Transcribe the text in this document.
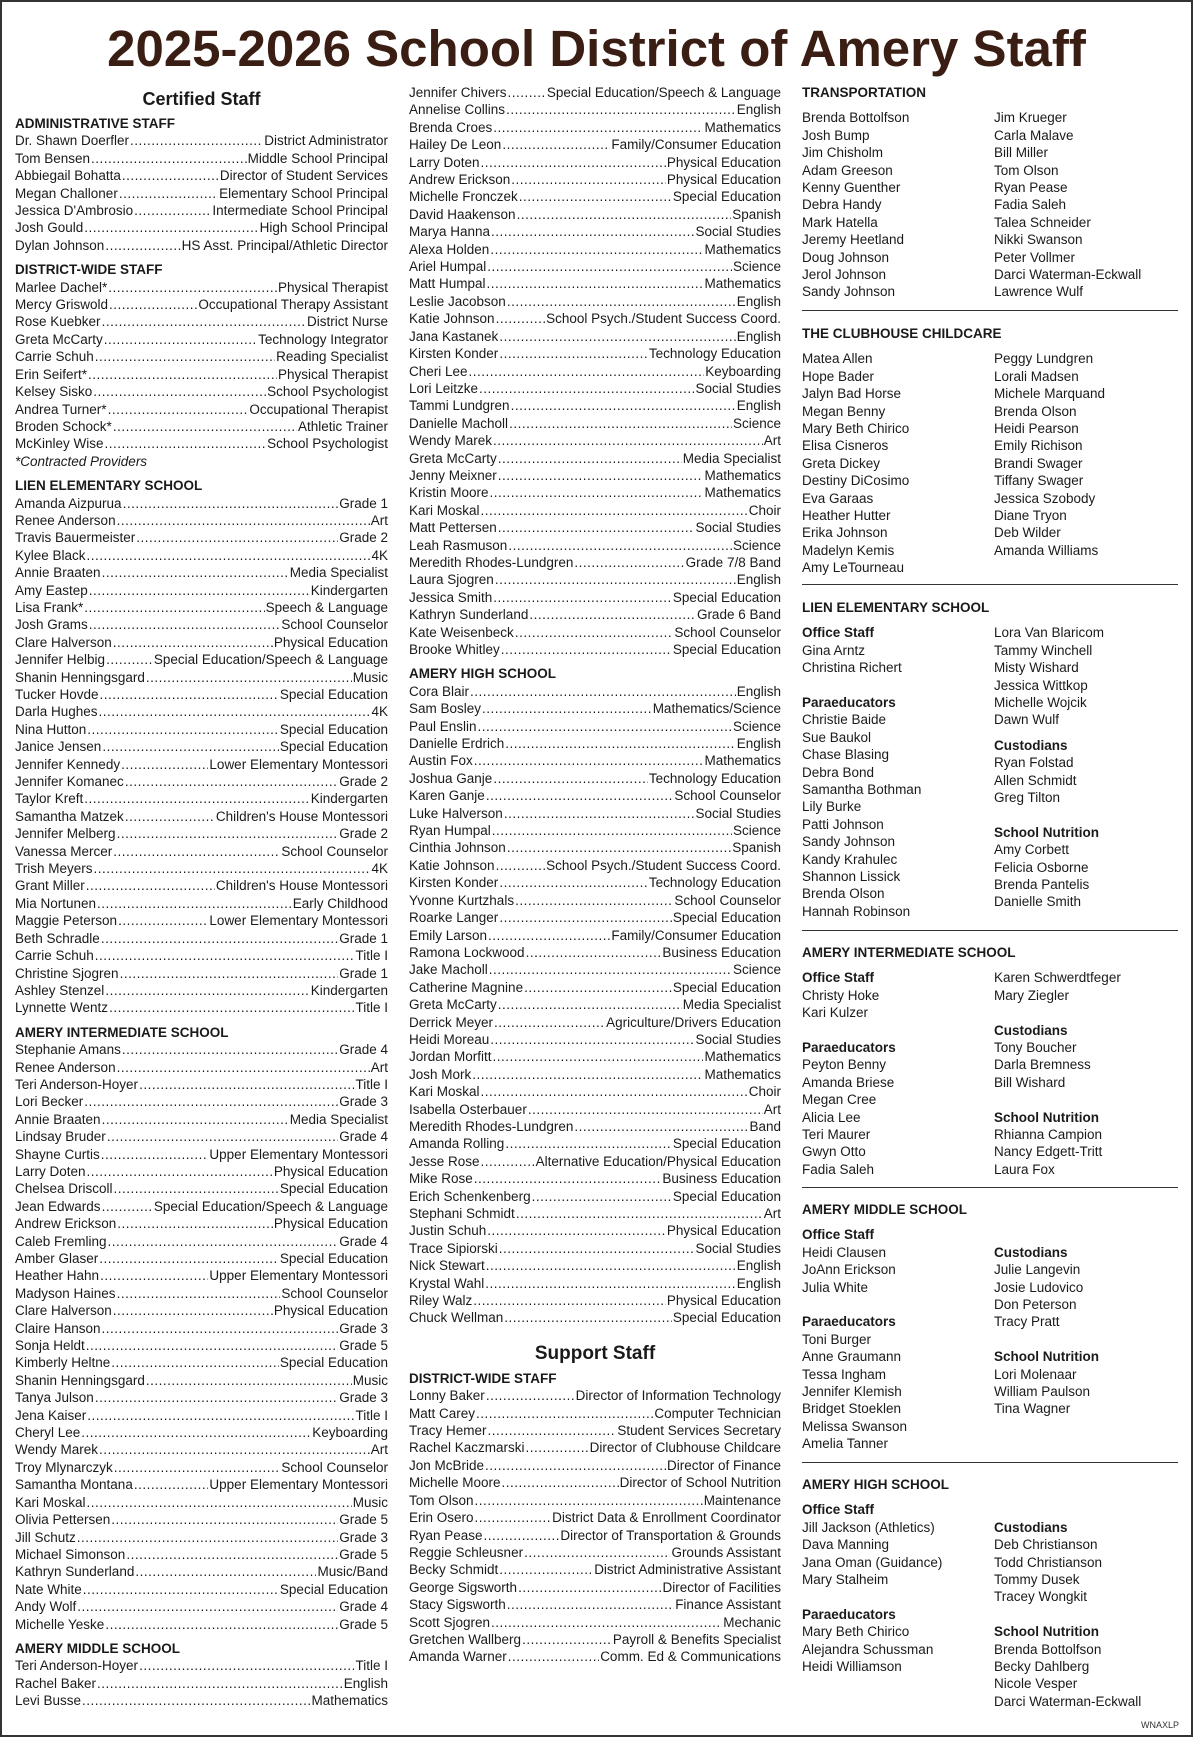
2025-2026 School District of Amery Staff
Certified Staff
ADMINISTRATIVE STAFF
Dr. Shawn Doerfler .....	District Administrator
Tom Bensen .....	Middle School Principal
Abbiegail Bohatta .....	Director of Student Services
Megan Challoner .....	Elementary School Principal
Jessica D'Ambrosio .....	Intermediate School Principal
Josh Gould .....	High School Principal
Dylan Johnson .....	HS Asst. Principal/Athletic Director
DISTRICT-WIDE STAFF
Marlee Dachel* .....	Physical Therapist
Mercy Griswold .....	Occupational Therapy Assistant
Rose Kuebker .....	District Nurse
Greta McCarty .....	Technology Integrator
Carrie Schuh .....	Reading Specialist
Erin Seifert* .....	Physical Therapist
Kelsey Sisko .....	School Psychologist
Andrea Turner* .....	Occupational Therapist
Broden Schock* .....	Athletic Trainer
McKinley Wise .....	School Psychologist
*Contracted Providers
LIEN ELEMENTARY SCHOOL
Amanda Aizpurua .....	Grade 1
Renee Anderson .....	Art
Travis Bauermeister .....	Grade 2
Kylee Black .....	4K
Annie Braaten .....	Media Specialist
Amy Eastep .....	Kindergarten
Lisa Frank* .....	Speech & Language
Josh Grams .....	School Counselor
Clare Halverson .....	Physical Education
Jennifer Helbig .....	Special Education/Speech & Language
Shanin Henningsgard .....	Music
Tucker Hovde .....	Special Education
Darla Hughes .....	4K
Nina Hutton .....	Special Education
Janice Jensen .....	Special Education
Jennifer Kennedy .....	Lower Elementary Montessori
Jennifer Komanec .....	Grade 2
Taylor Kreft .....	Kindergarten
Samantha Matzek .....	Children's House Montessori
Jennifer Melberg .....	Grade 2
Vanessa Mercer .....	School Counselor
Trish Meyers .....	4K
Grant Miller .....	Children's House Montessori
Mia Nortunen .....	Early Childhood
Maggie Peterson .....	Lower Elementary Montessori
Beth Schradle .....	Grade 1
Carrie Schuh .....	Title I
Christine Sjogren .....	Grade 1
Ashley Stenzel .....	Kindergarten
Lynnette Wentz .....	Title I
AMERY INTERMEDIATE SCHOOL
Stephanie Amans .....	Grade 4
Renee Anderson .....	Art
Teri Anderson-Hoyer .....	Title I
Lori Becker .....	Grade 3
Annie Braaten .....	Media Specialist
Lindsay Bruder .....	Grade 4
Shayne Curtis .....	Upper Elementary Montessori
Larry Doten .....	Physical Education
Chelsea Driscoll .....	Special Education
Jean Edwards .....	Special Education/Speech & Language
Andrew Erickson .....	Physical Education
Caleb Fremling .....	Grade 4
Amber Glaser .....	Special Education
Heather Hahn .....	Upper Elementary Montessori
Madyson Haines .....	School Counselor
Clare Halverson .....	Physical Education
Claire Hanson .....	Grade 3
Sonja Heldt .....	Grade 5
Kimberly Heltne .....	Special Education
Shanin Henningsgard .....	Music
Tanya Julson .....	Grade 3
Jena Kaiser .....	Title I
Cheryl Lee .....	Keyboarding
Wendy Marek .....	Art
Troy Mlynarczyk .....	School Counselor
Samantha Montana .....	Upper Elementary Montessori
Kari Moskal .....	Music
Olivia Pettersen .....	Grade 5
Jill Schutz .....	Grade 3
Michael Simonson .....	Grade 5
Kathryn Sunderland .....	Music/Band
Nate White .....	Special Education
Andy Wolf .....	Grade 4
Michelle Yeske .....	Grade 5
AMERY MIDDLE SCHOOL
Teri Anderson-Hoyer .....	Title I
Rachel Baker .....	English
Levi Busse .....	Mathematics
Jennifer Chivers .....	Special Education/Speech & Language
Annelise Collins .....	English
Brenda Croes .....	Mathematics
Hailey De Leon .....	Family/Consumer Education
Larry Doten .....	Physical Education
Andrew Erickson .....	Physical Education
Michelle Fronczek .....	Special Education
David Haakenson .....	Spanish
Marya Hanna .....	Social Studies
Alexa Holden .....	Mathematics
Ariel Humpal .....	Science
Matt Humpal .....	Mathematics
Leslie Jacobson .....	English
Katie Johnson .....	School Psych./Student Success Coord.
Jana Kastanek .....	English
Kirsten Konder .....	Technology Education
Cheri Lee .....	Keyboarding
Lori Leitzke .....	Social Studies
Tammi Lundgren .....	English
Danielle Macholl .....	Science
Wendy Marek .....	Art
Greta McCarty .....	Media Specialist
Jenny Meixner .....	Mathematics
Kristin Moore .....	Mathematics
Kari Moskal .....	Choir
Matt Pettersen .....	Social Studies
Leah Rasmuson .....	Science
Meredith Rhodes-Lundgren .....	Grade 7/8 Band
Laura Sjogren .....	English
Jessica Smith .....	Special Education
Kathryn Sunderland .....	Grade 6 Band
Kate Weisenbeck .....	School Counselor
Brooke Whitley .....	Special Education
AMERY HIGH SCHOOL
Cora Blair .....	English
Sam Bosley .....	Mathematics/Science
Paul Enslin .....	Science
Danielle Erdrich .....	English
Austin Fox .....	Mathematics
Joshua Ganje .....	Technology Education
Karen Ganje .....	School Counselor
Luke Halverson .....	Social Studies
Ryan Humpal .....	Science
Cinthia Johnson .....	Spanish
Katie Johnson .....	School Psych./Student Success Coord.
Kirsten Konder .....	Technology Education
Yvonne Kurtzhals .....	School Counselor
Roarke Langer .....	Special Education
Emily Larson .....	Family/Consumer Education
Ramona Lockwood .....	Business Education
Jake Macholl .....	Science
Catherine Magnine .....	Special Education
Greta McCarty .....	Media Specialist
Derrick Meyer .....	Agriculture/Drivers Education
Heidi Moreau .....	Social Studies
Jordan Morfitt .....	Mathematics
Josh Mork .....	Mathematics
Kari Moskal .....	Choir
Isabella Osterbauer .....	Art
Meredith Rhodes-Lundgren .....	Band
Amanda Rolling .....	Special Education
Jesse Rose .....	Alternative Education/Physical Education
Mike Rose .....	Business Education
Erich Schenkenberg .....	Special Education
Stephani Schmidt .....	Art
Justin Schuh .....	Physical Education
Trace Sipiorski .....	Social Studies
Nick Stewart .....	English
Krystal Wahl .....	English
Riley Walz .....	Physical Education
Chuck Wellman .....	Special Education
Support Staff
DISTRICT-WIDE STAFF
Lonny Baker .....	Director of Information Technology
Matt Carey .....	Computer Technician
Tracy Hemer .....	Student Services Secretary
Rachel Kaczmarski .....	Director of Clubhouse Childcare
Jon McBride .....	Director of Finance
Michelle Moore .....	Director of School Nutrition
Tom Olson .....	Maintenance
Erin Osero .....	District Data & Enrollment Coordinator
Ryan Pease .....	Director of Transportation & Grounds
Reggie Schleusner .....	Grounds Assistant
Becky Schmidt .....	District Administrative Assistant
George Sigsworth .....	Director of Facilities
Stacy Sigsworth .....	Finance Assistant
Scott Sjogren .....	Mechanic
Gretchen Wallberg .....	Payroll & Benefits Specialist
Amanda Warner .....	Comm. Ed & Communications
TRANSPORTATION
Brenda Bottolfson
Josh Bump
Jim Chisholm
Adam Greeson
Kenny Guenther
Debra Handy
Mark Hatella
Jeremy Heetland
Doug Johnson
Jerol Johnson
Sandy Johnson
Jim Krueger
Carla Malave
Bill Miller
Tom Olson
Ryan Pease
Fadia Saleh
Talea Schneider
Nikki Swanson
Peter Vollmer
Darci Waterman-Eckwall
Lawrence Wulf
THE CLUBHOUSE CHILDCARE
Matea Allen
Hope Bader
Jalyn Bad Horse
Megan Benny
Mary Beth Chirico
Elisa Cisneros
Greta Dickey
Destiny DiCosimo
Eva Garaas
Heather Hutter
Erika Johnson
Madelyn Kemis
Amy LeTourneau
Peggy Lundgren
Lorali Madsen
Michele Marquand
Brenda Olson
Heidi Pearson
Emily Richison
Brandi Swager
Tiffany Swager
Jessica Szobody
Diane Tryon
Deb Wilder
Amanda Williams
LIEN ELEMENTARY SCHOOL
Office Staff
Gina Arntz
Christina Richert
Paraeducators
Christie Baide
Sue Baukol
Chase Blasing
Debra Bond
Samantha Bothman
Lily Burke
Patti Johnson
Sandy Johnson
Kandy Krahulec
Shannon Lissick
Brenda Olson
Hannah Robinson
Lora Van Blaricom
Tammy Winchell
Misty Wishard
Jessica Wittkop
Michelle Wojcik
Dawn Wulf
Custodians
Ryan Folstad
Allen Schmidt
Greg Tilton
School Nutrition
Amy Corbett
Felicia Osborne
Brenda Pantelis
Danielle Smith
AMERY INTERMEDIATE SCHOOL
Office Staff
Christy Hoke
Kari Kulzer
Paraeducators
Peyton Benny
Amanda Briese
Megan Cree
Alicia Lee
Teri Maurer
Gwyn Otto
Fadia Saleh
Karen Schwerdtfeger
Mary Ziegler
Custodians
Tony Boucher
Darla Bremness
Bill Wishard
School Nutrition
Rhianna Campion
Nancy Edgett-Tritt
Laura Fox
AMERY MIDDLE SCHOOL
Office Staff
Heidi Clausen
JoAnn Erickson
Julia White
Paraeducators
Toni Burger
Anne Graumann
Tessa Ingham
Jennifer Klemish
Bridget Stoeklen
Melissa Swanson
Amelia Tanner
Custodians
Julie Langevin
Josie Ludovico
Don Peterson
Tracy Pratt
School Nutrition
Lori Molenaar
William Paulson
Tina Wagner
AMERY HIGH SCHOOL
Office Staff
Jill Jackson (Athletics)
Dava Manning
Jana Oman (Guidance)
Mary Stalheim
Paraeducators
Mary Beth Chirico
Alejandra Schussman
Heidi Williamson
Custodians
Deb Christianson
Todd Christianson
Tommy Dusek
Tracey Wongkit
School Nutrition
Brenda Bottolfson
Becky Dahlberg
Nicole Vesper
Darci Waterman-Eckwall
WNAXLP
